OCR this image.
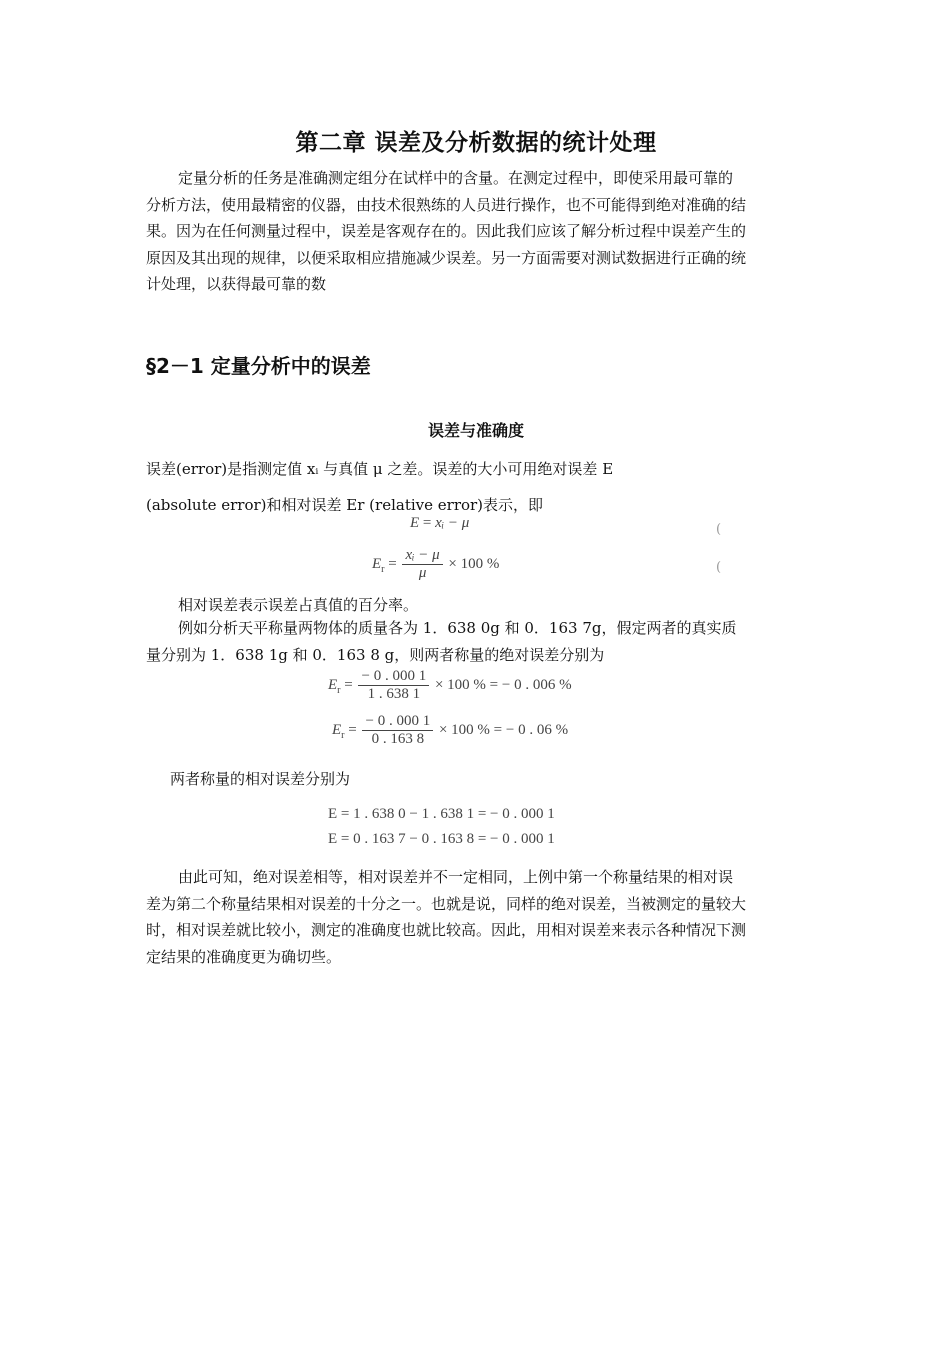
第二章 误差及分析数据的统计处理
定量分析的任务是准确测定组分在试样中的含量。在测定过程中，即使采用最可靠的分析方法，使用最精密的仪器，由技术很熟练的人员进行操作，也不可能得到绝对准确的结果。因为在任何测量过程中，误差是客观存在的。因此我们应该了解分析过程中误差产生的原因及其出现的规律，以便采取相应措施减少误差。另一方面需要对测试数据进行正确的统计处理，以获得最可靠的数
§2－1 定量分析中的误差
误差与准确度
误差(error)是指测定值 xᵢ 与真值 μ 之差。误差的大小可用绝对误差 E
(absolute error)和相对误差 Er (relative error)表示，即
E = xᵢ − μ	(
$E_r = \frac{\text{xᵢ − μ}}{\mu} \times 100$ %	(
相对误差表示误差占真值的百分率。
例如分析天平称量两物体的质量各为 1．638 0g 和 0．163 7g，假定两者的真实质量分别为 1．638 1g 和 0．163 8 g，则两者称量的绝对误差分别为
$E_r = \frac{- 0 . 000 1}{1 . 638 1} \times 100$ % = − 0 . 006 %
$E_r = \frac{- 0 . 000 1}{0 . 163 8} \times 100$ % = − 0 . 06 %
两者称量的相对误差分别为
E = 1 . 638 0 − 1 . 638 1 = − 0 . 000 1
E = 0 . 163 7 − 0 . 163 8 = − 0 . 000 1
由此可知，绝对误差相等，相对误差并不一定相同，上例中第一个称量结果的相对误差为第二个称量结果相对误差的十分之一。也就是说，同样的绝对误差，当被测定的量较大时，相对误差就比较小，测定的准确度也就比较高。因此，用相对误差来表示各种情况下测定结果的准确度更为确切些。
